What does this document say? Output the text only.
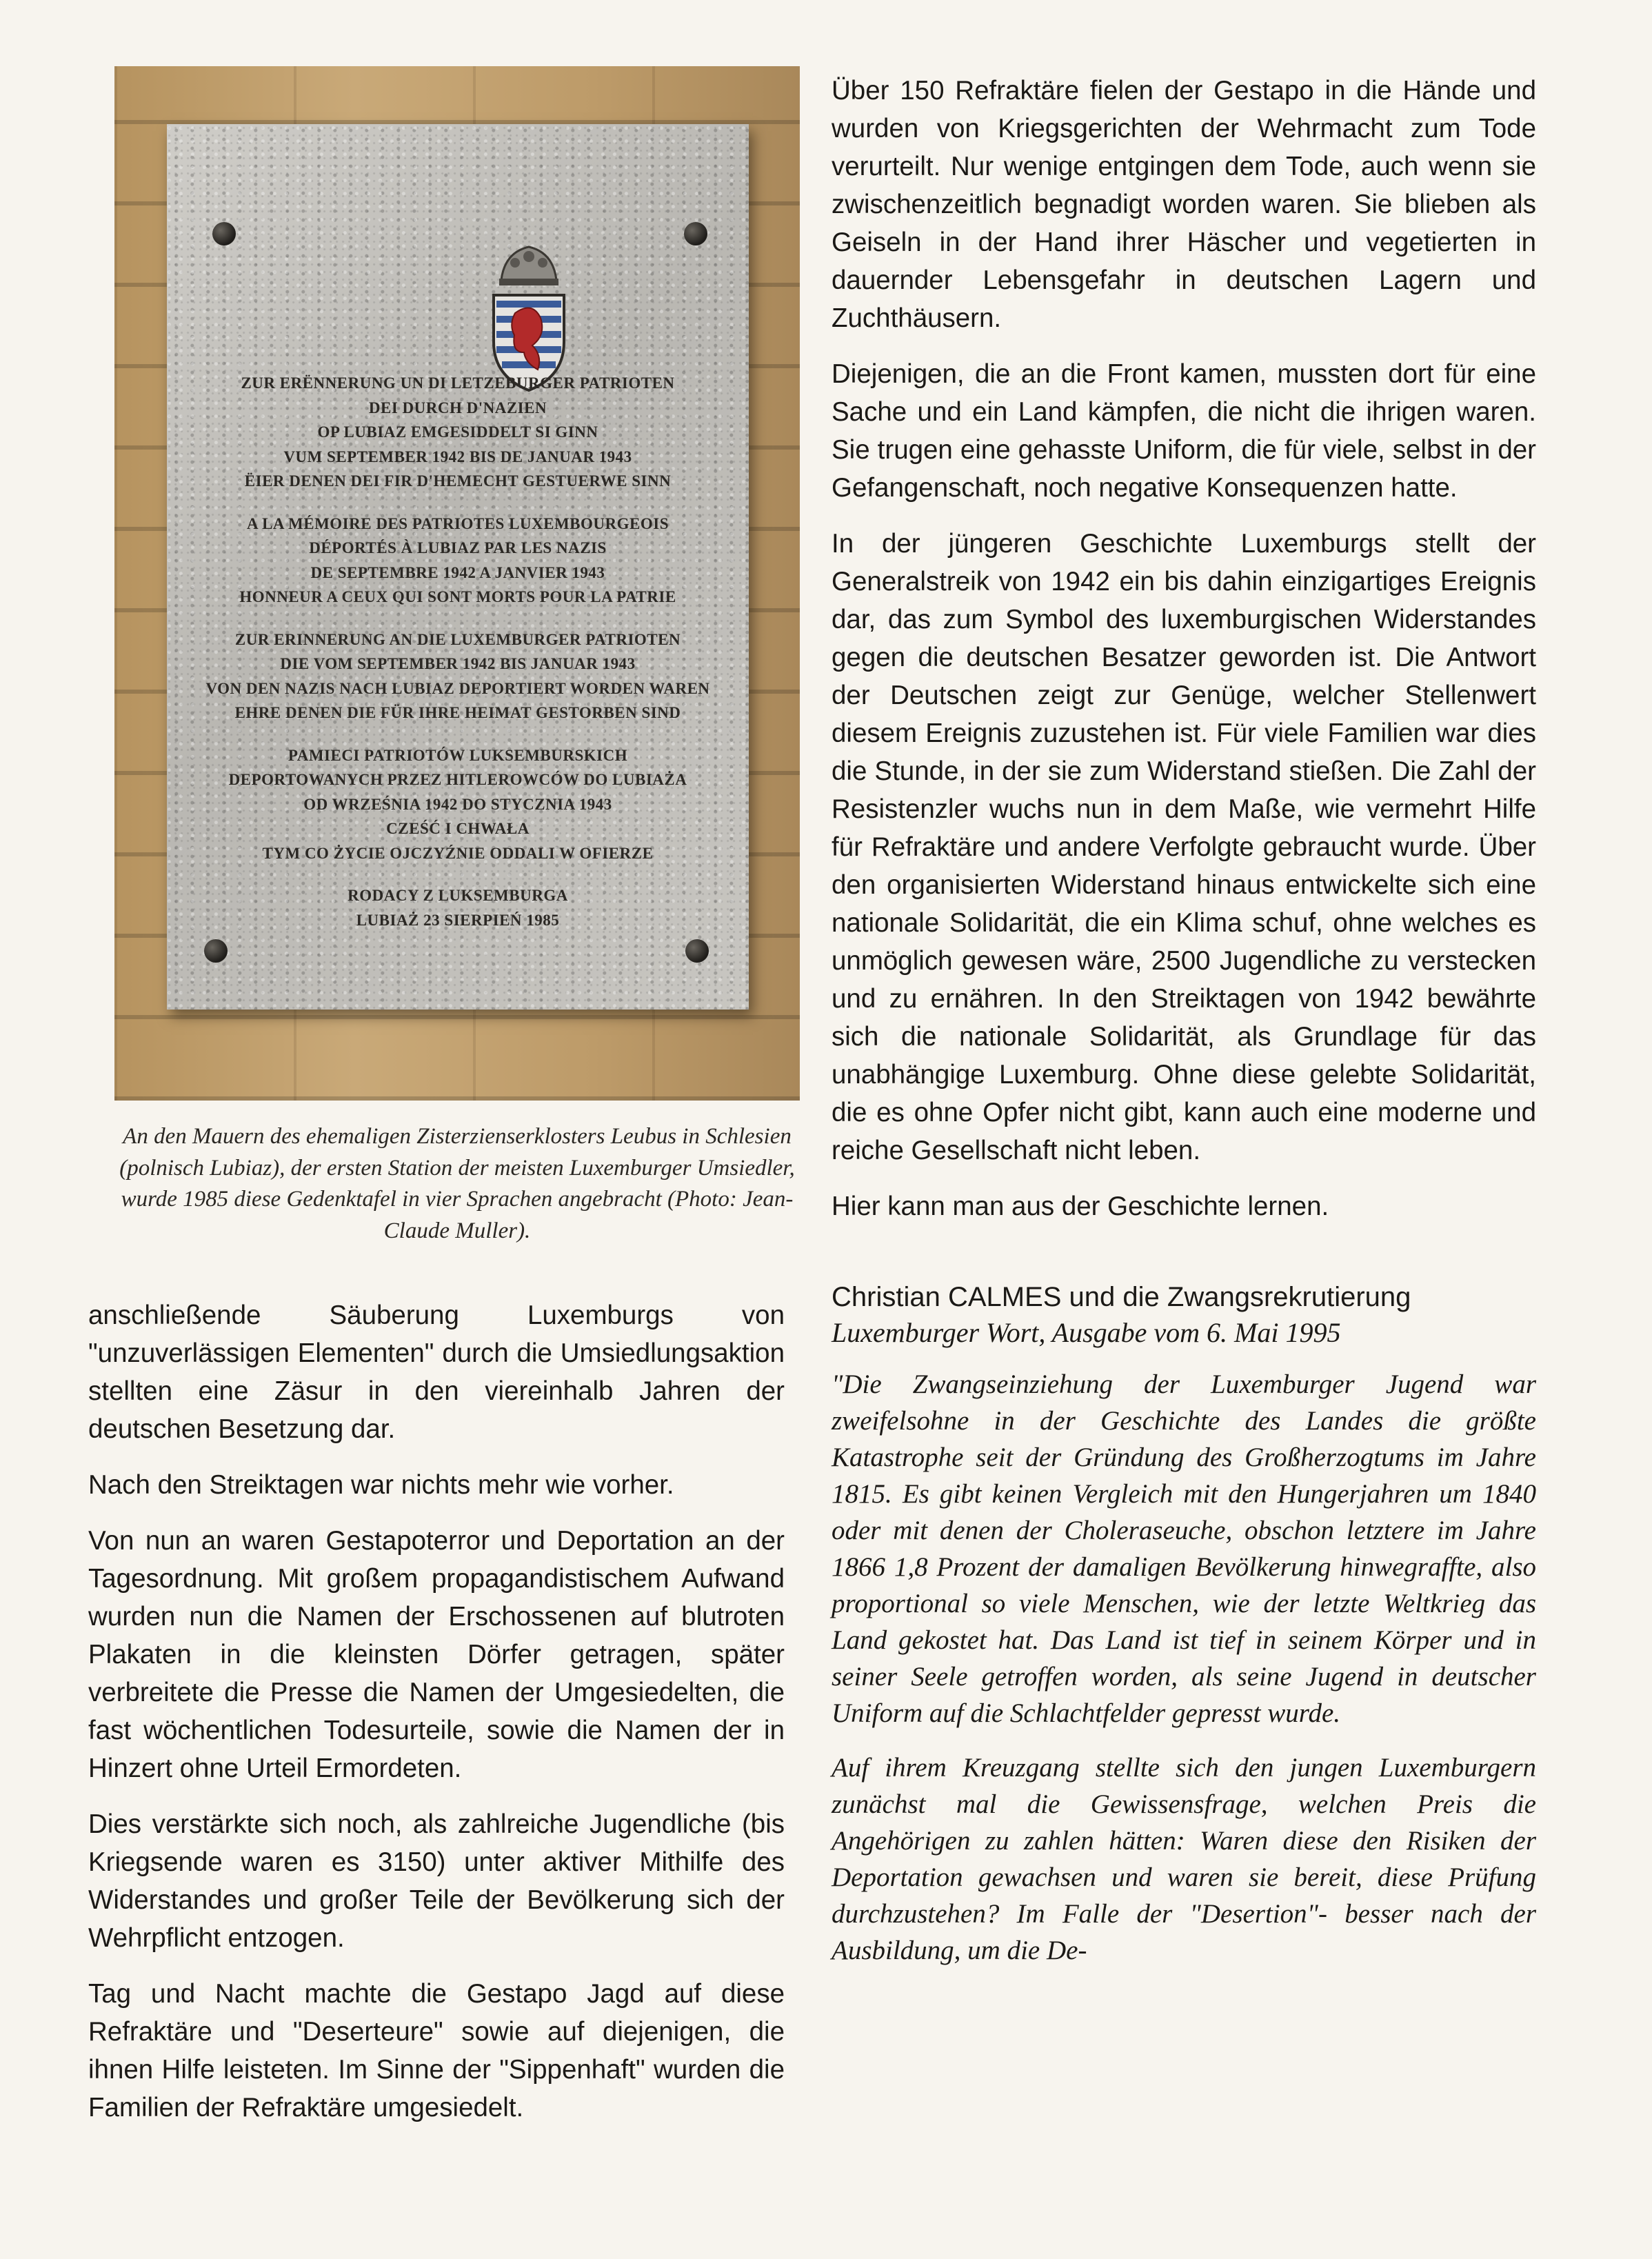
ZUR ERËNNERUNG UN DI LETZEBURGER PATRIOTEN
DEI DURCH D'NAZIEN
OP LUBIAZ EMGESIDDELT SI GINN
VUM SEPTEMBER 1942 BIS DE JANUAR 1943
ËIER DENEN DEI FIR D'HEMECHT GESTUERWE SINN
A LA MÉMOIRE DES PATRIOTES LUXEMBOURGEOIS
DÉPORTÉS À LUBIAZ PAR LES NAZIS
DE SEPTEMBRE 1942 A JANVIER 1943
HONNEUR A CEUX QUI SONT MORTS POUR LA PATRIE
ZUR ERINNERUNG AN DIE LUXEMBURGER PATRIOTEN
DIE VOM SEPTEMBER 1942 BIS JANUAR 1943
VON DEN NAZIS NACH LUBIAZ DEPORTIERT WORDEN WAREN
EHRE DENEN DIE FÜR IHRE HEIMAT GESTORBEN SIND
PAMIECI PATRIOTÓW LUKSEMBURSKICH
DEPORTOWANYCH PRZEZ HITLEROWCÓW DO LUBIAŻA
OD WRZEŚNIA 1942 DO STYCZNIA 1943
CZEŚĆ I CHWAŁA
TYM CO ŻYCIE OJCZYŹNIE ODDALI W OFIERZE
RODACY Z LUKSEMBURGA
LUBIAŻ 23 SIERPIEŃ 1985
An den Mauern des ehemaligen Zisterzienserklosters Leubus in Schlesien (polnisch Lubiaz), der ersten Station der meisten Luxemburger Umsiedler, wurde 1985 diese Gedenktafel in vier Sprachen angebracht (Photo: Jean-Claude Muller).

anschließende Säuberung Luxemburgs von "unzuverlässigen Elementen" durch die Umsiedlungsaktion stellten eine Zäsur in den viereinhalb Jahren der deutschen Besetzung dar.

Nach den Streiktagen war nichts mehr wie vorher.

Von nun an waren Gestapoterror und Deportation an der Tagesordnung. Mit großem propagandistischem Aufwand wurden nun die Namen der Erschossenen auf blutroten Plakaten in die kleinsten Dörfer getragen, später verbreitete die Presse die Namen der Umgesiedelten, die fast wöchentlichen Todesurteile, sowie die Namen der in Hinzert ohne Urteil Ermordeten.

Dies verstärkte sich noch, als zahlreiche Jugendliche (bis Kriegsende waren es 3150) unter aktiver Mithilfe des Widerstandes und großer Teile der Bevölkerung sich der Wehrpflicht entzogen.

Tag und Nacht machte die Gestapo Jagd auf diese Refraktäre und "Deserteure" sowie auf diejenigen, die ihnen Hilfe leisteten. Im Sinne der "Sippenhaft" wurden die Familien der Refraktäre umgesiedelt.

Über 150 Refraktäre fielen der Gestapo in die Hände und wurden von Kriegsgerichten der Wehrmacht zum Tode verurteilt. Nur wenige entgingen dem Tode, auch wenn sie zwischenzeitlich begnadigt worden waren. Sie blieben als Geiseln in der Hand ihrer Häscher und vegetierten in dauernder Lebensgefahr in deutschen Lagern und Zuchthäusern.

Diejenigen, die an die Front kamen, mussten dort für eine Sache und ein Land kämpfen, die nicht die ihrigen waren. Sie trugen eine gehasste Uniform, die für viele, selbst in der Gefangenschaft, noch negative Konsequenzen hatte.

In der jüngeren Geschichte Luxemburgs stellt der Generalstreik von 1942 ein bis dahin einzigartiges Ereignis dar, das zum Symbol des luxemburgischen Widerstandes gegen die deutschen Besatzer geworden ist. Die Antwort der Deutschen zeigt zur Genüge, welcher Stellenwert diesem Ereignis zuzustehen ist. Für viele Familien war dies die Stunde, in der sie zum Widerstand stießen. Die Zahl der Resistenzler wuchs nun in dem Maße, wie vermehrt Hilfe für Refraktäre und andere Verfolgte gebraucht wurde. Über den organisierten Widerstand hinaus entwickelte sich eine nationale Solidarität, die ein Klima schuf, ohne welches es unmöglich gewesen wäre, 2500 Jugendliche zu verstecken und zu ernähren. In den Streiktagen von 1942 bewährte sich die nationale Solidarität, als Grundlage für das unabhängige Luxemburg. Ohne diese gelebte Solidarität, die es ohne Opfer nicht gibt, kann auch eine moderne und reiche Gesellschaft nicht leben.

Hier kann man aus der Geschichte lernen.

Christian CALMES und die Zwangsrekrutierung

Luxemburger Wort, Ausgabe vom 6. Mai 1995

"Die Zwangseinziehung der Luxemburger Jugend war zweifelsohne in der Geschichte des Landes die größte Katastrophe seit der Gründung des Großherzogtums im Jahre 1815. Es gibt keinen Vergleich mit den Hungerjahren um 1840 oder mit denen der Choleraseuche, obschon letztere im Jahre 1866 1,8 Prozent der damaligen Bevölkerung hinwegraffte, also proportional so viele Menschen, wie der letzte Weltkrieg das Land gekostet hat. Das Land ist tief in seinem Körper und in seiner Seele getroffen worden, als seine Jugend in deutscher Uniform auf die Schlachtfelder gepresst wurde.

Auf ihrem Kreuzgang stellte sich den jungen Luxemburgern zunächst mal die Gewissensfrage, welchen Preis die Angehörigen zu zahlen hätten: Waren diese den Risiken der Deportation gewachsen und waren sie bereit, diese Prüfung durchzustehen? Im Falle der "Desertion"- besser nach der Ausbildung, um die De-
